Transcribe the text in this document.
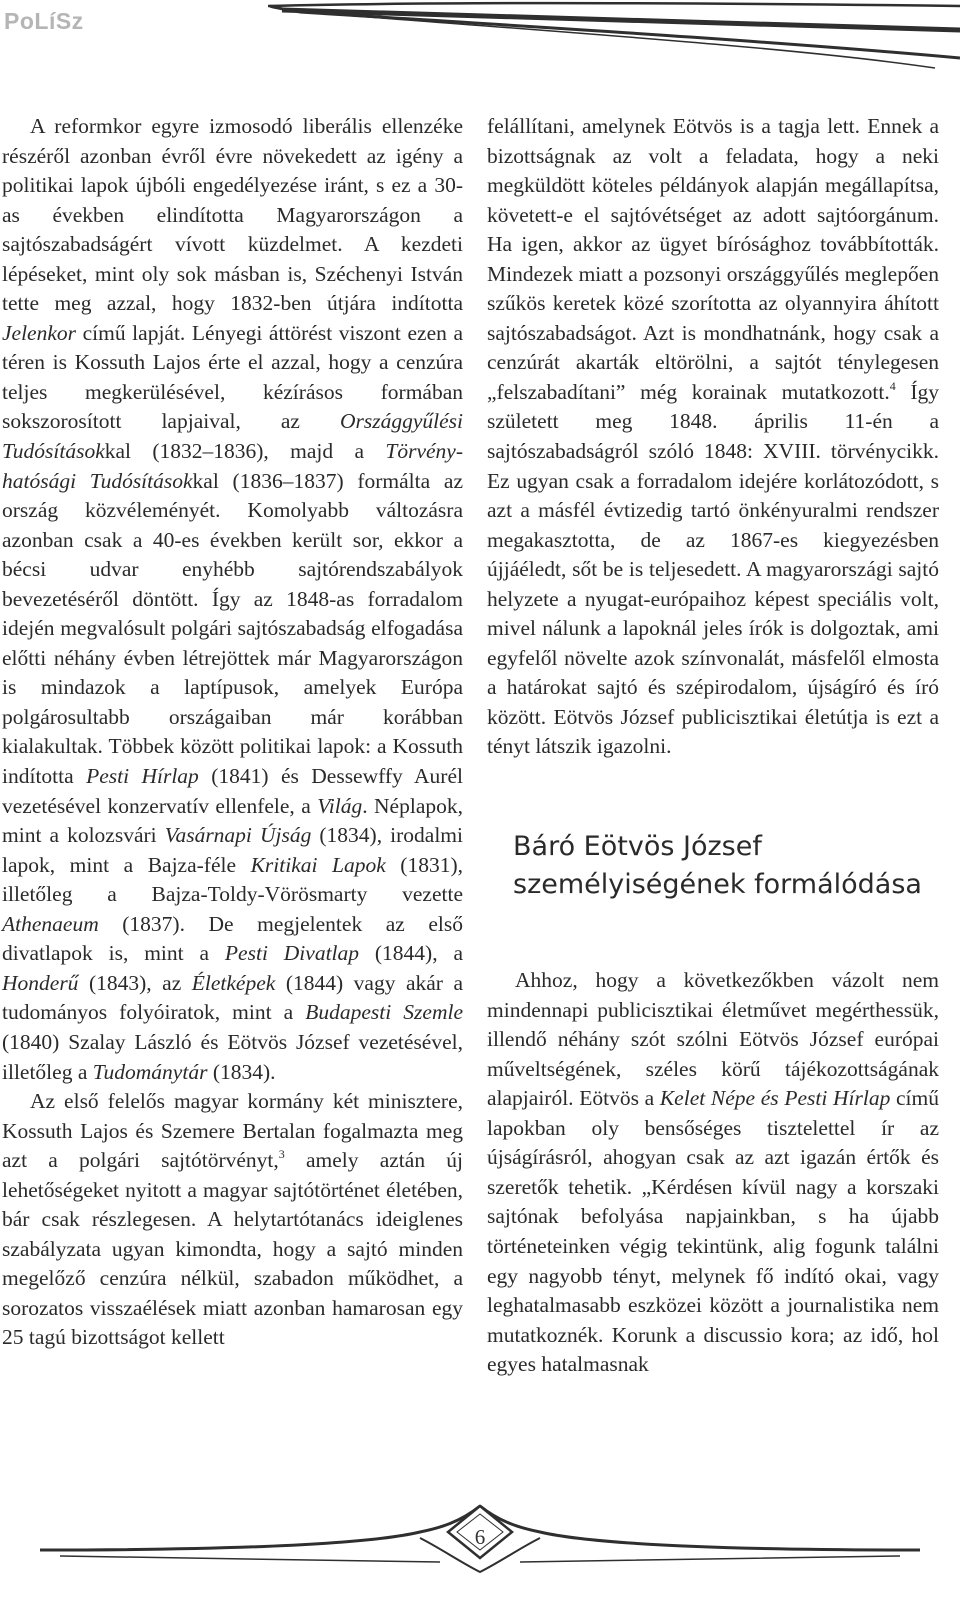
PoLíSz

A reformkor egyre izmosodó liberális ellenzéke részéről azonban évről évre növekedett az igény a politikai lapok újbóli engedélyezése iránt, s ez a 30-as években elindította Magyarországon a sajtószabadságért vívott küzdelmet. A kezdeti lépéseket, mint oly sok másban is, Széchenyi István tette meg azzal, hogy 1832-ben útjára indította Jelenkor című lapját. Lényegi áttörést viszont ezen a téren is Kossuth Lajos érte el azzal, hogy a cenzúra teljes megkerülésével, kézírásos formában sokszorosított lapjaival, az Országgyűlési Tudósításokkal (1832–1836), majd a Törvényhatósági Tudósításokkal (1836–1837) formálta az ország közvéleményét. Komolyabb változásra azonban csak a 40-es években került sor, ekkor a bécsi udvar enyhébb sajtórendszabályok bevezetéséről döntött. Így az 1848-as forradalom idején megvalósult polgári sajtószabadság elfogadása előtti néhány évben létrejöttek már Magyarországon is mindazok a laptípusok, amelyek Európa polgárosultabb országaiban már korábban kialakultak. Többek között politikai lapok: a Kossuth indította Pesti Hírlap (1841) és Dessewffy Aurél vezetésével konzervatív ellenfele, a Világ. Néplapok, mint a kolozsvári Vasárnapi Újság (1834), irodalmi lapok, mint a Bajza-féle Kritikai Lapok (1831), illetőleg a Bajza-Toldy-Vörösmarty vezette Athenaeum (1837). De megjelentek az első divatlapok is, mint a Pesti Divatlap (1844), a Honderű (1843), az Életképek (1844) vagy akár a tudományos folyóiratok, mint a Budapesti Szemle (1840) Szalay László és Eötvös József vezetésével, illetőleg a Tudománytár (1834).

Az első felelős magyar kormány két minisztere, Kossuth Lajos és Szemere Bertalan fogalmazta meg azt a polgári sajtótörvényt,$^3$ amely aztán új lehetőségeket nyitott a magyar sajtótörténet életében, bár csak részlegesen. A helytartótanács ideiglenes szabályzata ugyan kimondta, hogy a sajtó minden megelőző cenzúra nélkül, szabadon működhet, a sorozatos visszaélések miatt azonban hamarosan egy 25 tagú bizottságot kellett

felállítani, amelynek Eötvös is a tagja lett. Ennek a bizottságnak az volt a feladata, hogy a neki megküldött köteles példányok alapján megállapítsa, követett-e el sajtóvétséget az adott sajtóorgánum. Ha igen, akkor az ügyet bírósághoz továbbították. Mindezek miatt a pozsonyi országgyűlés meglepően szűkös keretek közé szorította az olyannyira áhított sajtószabadságot. Azt is mondhatnánk, hogy csak a cenzúrát akarták eltörölni, a sajtót ténylegesen „felszabadítani” még korainak mutatkozott.$^4$ Így született meg 1848. április 11-én a sajtószabadságról szóló 1848: XVIII. törvénycikk. Ez ugyan csak a forradalom idejére korlátozódott, s azt a másfél évtizedig tartó önkényuralmi rendszer megakasztotta, de az 1867-es kiegyezésben újjáéledt, sőt be is teljesedett. A magyarországi sajtó helyzete a nyugat-európaihoz képest speciális volt, mivel nálunk a lapoknál jeles írók is dolgoztak, ami egyfelől növelte azok színvonalát, másfelől elmosta a határokat sajtó és szépirodalom, újságíró és író között. Eötvös József publicisztikai életútja is ezt a tényt látszik igazolni.

Báró Eötvös József
személyiségének formálódása

Ahhoz, hogy a következőkben vázolt nem mindennapi publicisztikai életművet megérthessük, illendő néhány szót szólni Eötvös József európai műveltségének, széles körű tájékozottságának alapjairól. Eötvös a Kelet Népe és Pesti Hírlap című lapokban oly bensőséges tisztelettel ír az újságírásról, ahogyan csak az azt igazán értők és szeretők tehetik. „Kérdésen kívül nagy a korszaki sajtónak befolyása napjainkban, s ha újabb történeteinken végig tekintünk, alig fogunk találni egy nagyobb tényt, melynek fő indító okai, vagy leghatalmasabb eszközei között a journalistika nem mutatkoznék. Korunk a discussio kora; az idő, hol egyes hatalmasnak

6
